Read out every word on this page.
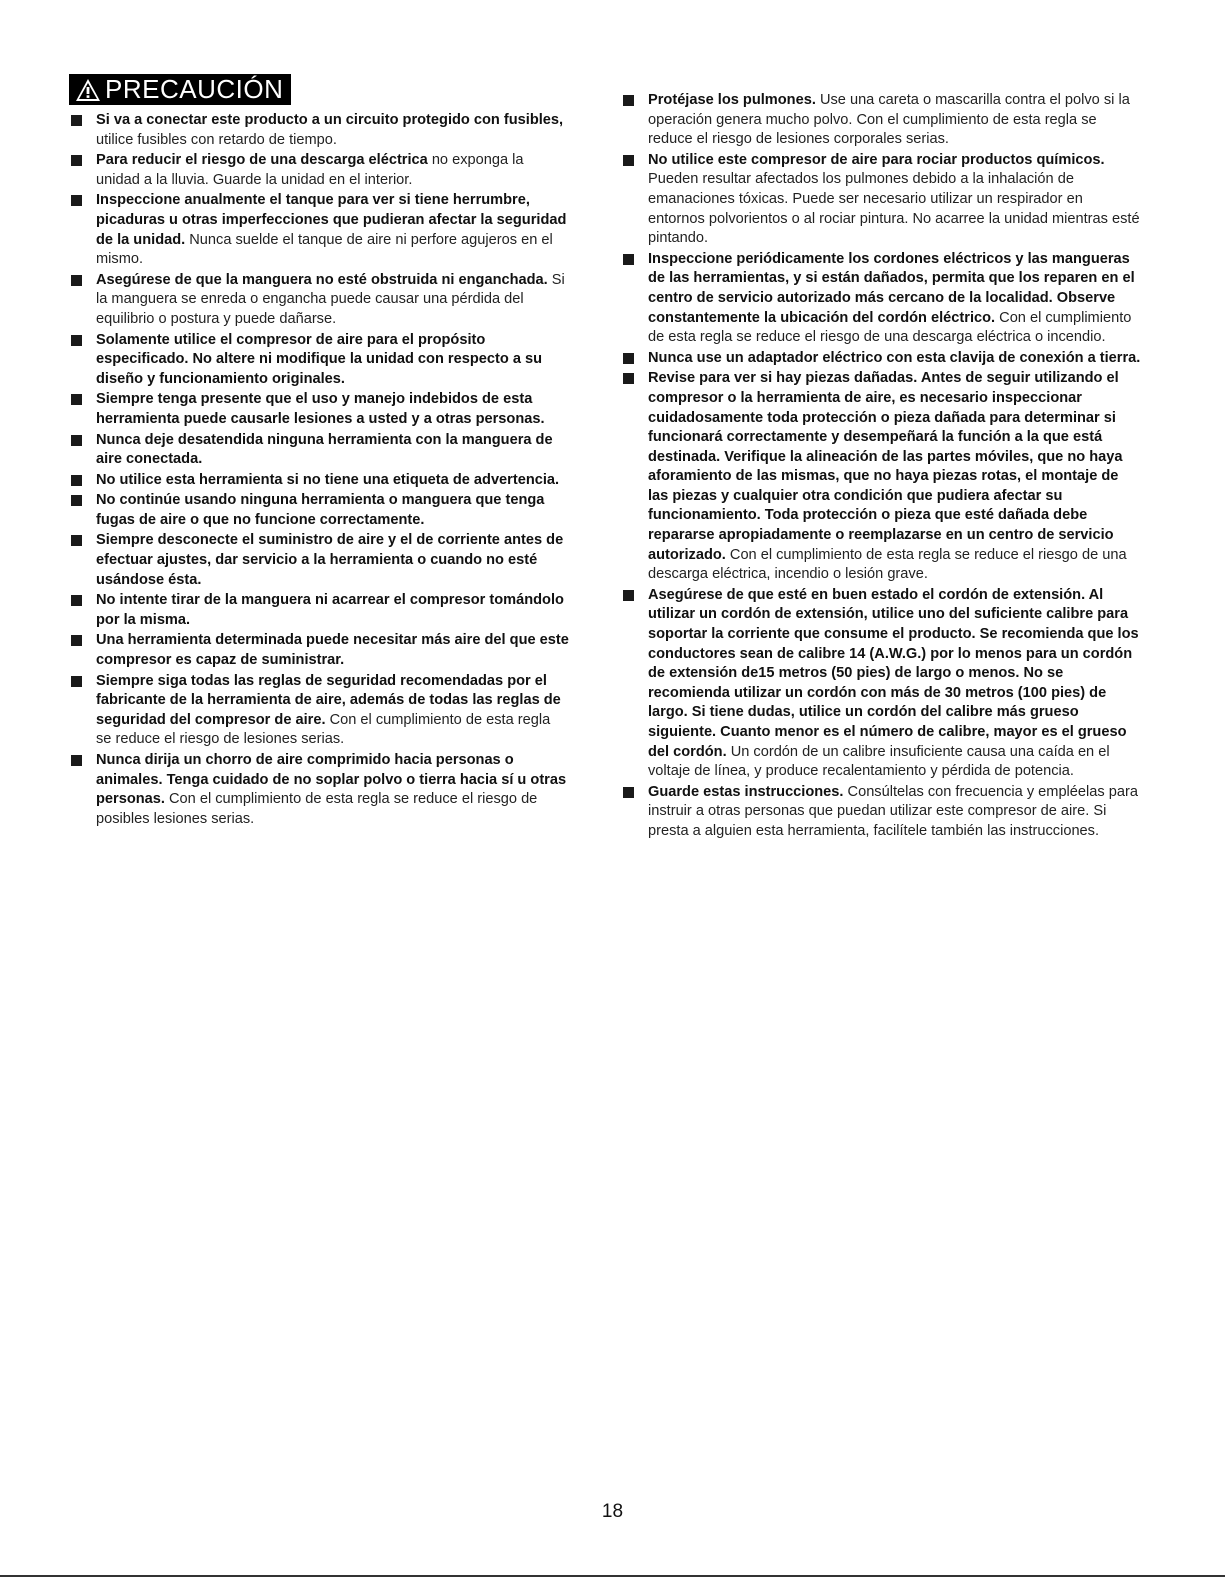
PRECAUCIÓN
Si va a conectar este producto a un circuito protegido con fusibles, utilice fusibles con retardo de tiempo.
Para reducir el riesgo de una descarga eléctrica no exponga la unidad a la lluvia. Guarde la unidad en el interior.
Inspeccione anualmente el tanque para ver si tiene herrumbre, picaduras u otras imperfecciones que pudieran afectar la seguridad de la unidad. Nunca suelde el tanque de aire ni perfore agujeros en el mismo.
Asegúrese de que la manguera no esté obstruida ni enganchada. Si la manguera se enreda o engancha puede causar una pérdida del equilibrio o postura y puede dañarse.
Solamente utilice el compresor de aire para el propósito especificado. No altere ni modifique la unidad con respecto a su diseño y funcionamiento originales.
Siempre tenga presente que el uso y manejo indebidos de esta herramienta puede causarle lesiones a usted y a otras personas.
Nunca deje desatendida ninguna herramienta con la manguera de aire conectada.
No utilice esta herramienta si no tiene una etiqueta de advertencia.
No continúe usando ninguna herramienta o manguera que tenga fugas de aire o que no funcione correctamente.
Siempre desconecte el suministro de aire y el de corriente antes de efectuar ajustes, dar servicio a la herramienta o cuando no esté usándose ésta.
No intente tirar de la manguera ni acarrear el compresor tomándolo por la misma.
Una herramienta determinada puede necesitar más aire del que este compresor es capaz de suministrar.
Siempre siga todas las reglas de seguridad recomendadas por el fabricante de la herramienta de aire, además de todas las reglas de seguridad del compresor de aire. Con el cumplimiento de esta regla se reduce el riesgo de lesiones serias.
Nunca dirija un chorro de aire comprimido hacia personas o animales. Tenga cuidado de no soplar polvo o tierra hacia sí u otras personas. Con el cumplimiento de esta regla se reduce el riesgo de posibles lesiones serias.
Protéjase los pulmones. Use una careta o mascarilla contra el polvo si la operación genera mucho polvo. Con el cumplimiento de esta regla se reduce el riesgo de lesiones corporales serias.
No utilice este compresor de aire para rociar productos químicos. Pueden resultar afectados los pulmones debido a la inhalación de emanaciones tóxicas. Puede ser necesario utilizar un respirador en entornos polvorientos o al rociar pintura. No acarree la unidad mientras esté pintando.
Inspeccione periódicamente los cordones eléctricos y las mangueras de las herramientas, y si están dañados, permita que los reparen en el centro de servicio autorizado más cercano de la localidad. Observe constantemente la ubicación del cordón eléctrico. Con el cumplimiento de esta regla se reduce el riesgo de una descarga eléctrica o incendio.
Nunca use un adaptador eléctrico con esta clavija de conexión a tierra.
Revise para ver si hay piezas dañadas. Antes de seguir utilizando el compresor o la herramienta de aire, es necesario inspeccionar cuidadosamente toda protección o pieza dañada para determinar si funcionará correctamente y desempeñará la función a la que está destinada. Verifique la alineación de las partes móviles, que no haya aforamiento de las mismas, que no haya piezas rotas, el montaje de las piezas y cualquier otra condición que pudiera afectar su funcionamiento. Toda protección o pieza que esté dañada debe repararse apropiadamente o reemplazarse en un centro de servicio autorizado. Con el cumplimiento de esta regla se reduce el riesgo de una descarga eléctrica, incendio o lesión grave.
Asegúrese de que esté en buen estado el cordón de extensión. Al utilizar un cordón de extensión, utilice uno del suficiente calibre para soportar la corriente que consume el producto. Se recomienda que los conductores sean de calibre 14 (A.W.G.) por lo menos para un cordón de extensión de15 metros (50 pies) de largo o menos. No se recomienda utilizar un cordón con más de 30 metros (100 pies) de largo. Si tiene dudas, utilice un cordón del calibre más grueso siguiente. Cuanto menor es el número de calibre, mayor es el grueso del cordón. Un cordón de un calibre insuficiente causa una caída en el voltaje de línea, y produce recalentamiento y pérdida de potencia.
Guarde estas instrucciones. Consúltelas con frecuencia y empléelas para instruir a otras personas que puedan utilizar este compresor de aire. Si presta a alguien esta herramienta, facilítele también las instrucciones.
18
